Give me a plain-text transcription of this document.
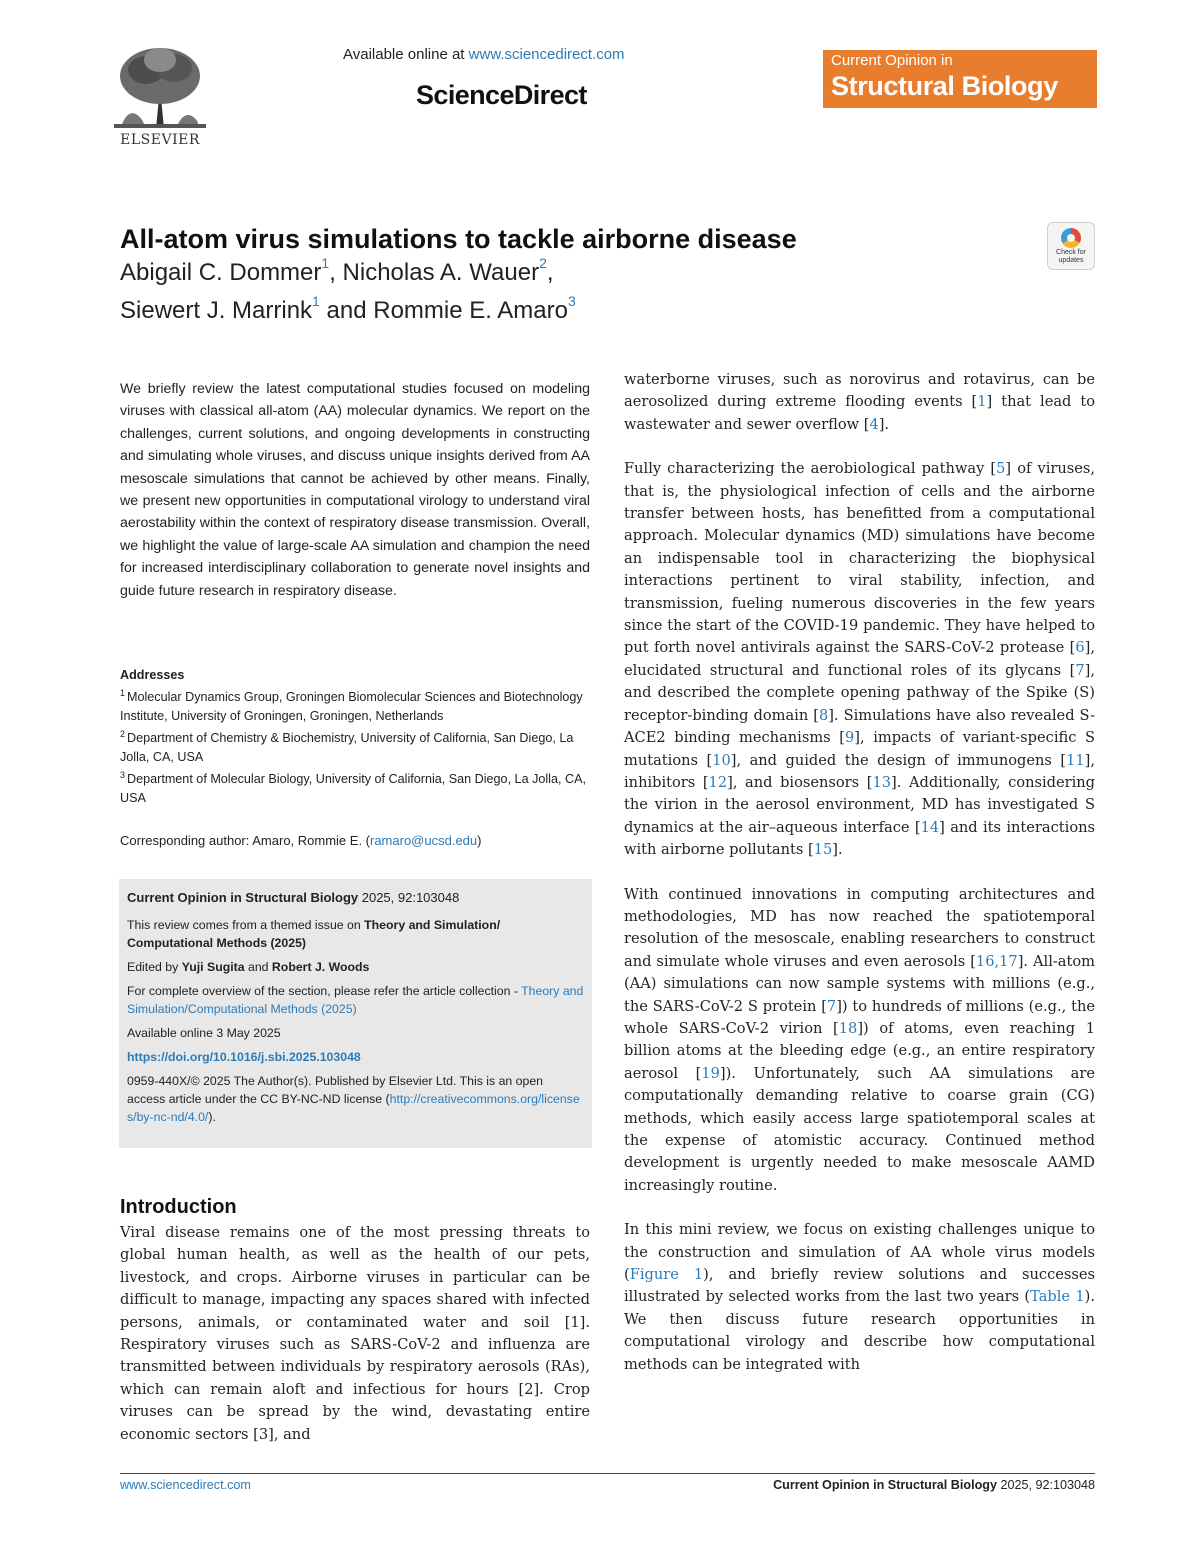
ELSEVIER
Available online at www.sciencedirect.com
ScienceDirect
Current Opinion in
Structural Biology
All-atom virus simulations to tackle airborne disease
Abigail C. Dommer$^1$, Nicholas A. Wauer$^2$,
Siewert J. Marrink$^1$ and Rommie E. Amaro$^3$
Check for updates
We briefly review the latest computational studies focused on modeling viruses with classical all-atom (AA) molecular dynamics. We report on the challenges, current solutions, and ongoing developments in constructing and simulating whole viruses, and discuss unique insights derived from AA mesoscale simulations that cannot be achieved by other means. Finally, we present new opportunities in computational virology to understand viral aerostability within the context of respiratory disease transmission. Overall, we highlight the value of large-scale AA simulation and champion the need for increased interdisciplinary collaboration to generate novel insights and guide future research in respiratory disease.
Addresses

$^1$ Molecular Dynamics Group, Groningen Biomolecular Sciences and Biotechnology Institute, University of Groningen, Groningen, Netherlands

$^2$ Department of Chemistry & Biochemistry, University of California, San Diego, La Jolla, CA, USA

$^3$ Department of Molecular Biology, University of California, San Diego, La Jolla, CA, USA

Corresponding author: Amaro, Rommie E. (ramaro@ucsd.edu)

Current Opinion in Structural Biology 2025, 92:103048

This review comes from a themed issue on Theory and Simulation/ Computational Methods (2025)

Edited by Yuji Sugita and Robert J. Woods

For complete overview of the section, please refer the article collection - Theory and Simulation/Computational Methods (2025)

Available online 3 May 2025

https://doi.org/10.1016/j.sbi.2025.103048

0959-440X/© 2025 The Author(s). Published by Elsevier Ltd. This is an open access article under the CC BY-NC-ND license (http://creativecommons.org/licenses/by-nc-nd/4.0/).

Introduction
Viral disease remains one of the most pressing threats to global human health, as well as the health of our pets, livestock, and crops. Airborne viruses in particular can be difficult to manage, impacting any spaces shared with infected persons, animals, or contaminated water and soil [1]. Respiratory viruses such as SARS-CoV-2 and influenza are transmitted between individuals by respiratory aerosols (RAs), which can remain aloft and infectious for hours [2]. Crop viruses can be spread by the wind, devastating entire economic sectors [3], and

waterborne viruses, such as norovirus and rotavirus, can be aerosolized during extreme flooding events [1] that lead to wastewater and sewer overflow [4].

Fully characterizing the aerobiological pathway [5] of viruses, that is, the physiological infection of cells and the airborne transfer between hosts, has benefitted from a computational approach. Molecular dynamics (MD) simulations have become an indispensable tool in characterizing the biophysical interactions pertinent to viral stability, infection, and transmission, fueling numerous discoveries in the few years since the start of the COVID-19 pandemic. They have helped to put forth novel antivirals against the SARS-CoV-2 protease [6], elucidated structural and functional roles of its glycans [7], and described the complete opening pathway of the Spike (S) receptor-binding domain [8]. Simulations have also revealed S-ACE2 binding mechanisms [9], impacts of variant-specific S mutations [10], and guided the design of immunogens [11], inhibitors [12], and biosensors [13]. Additionally, considering the virion in the aerosol environment, MD has investigated S dynamics at the air–aqueous interface [14] and its interactions with airborne pollutants [15].

With continued innovations in computing architectures and methodologies, MD has now reached the spatiotemporal resolution of the mesoscale, enabling researchers to construct and simulate whole viruses and even aerosols [16,17]. All-atom (AA) simulations can now sample systems with millions (e.g., the SARS-CoV-2 S protein [7]) to hundreds of millions (e.g., the whole SARS-CoV-2 virion [18]) of atoms, even reaching 1 billion atoms at the bleeding edge (e.g., an entire respiratory aerosol [19]). Unfortunately, such AA simulations are computationally demanding relative to coarse grain (CG) methods, which easily access large spatiotemporal scales at the expense of atomistic accuracy. Continued method development is urgently needed to make mesoscale AAMD increasingly routine.

In this mini review, we focus on existing challenges unique to the construction and simulation of AA whole virus models (Figure 1), and briefly review solutions and successes illustrated by selected works from the last two years (Table 1). We then discuss future research opportunities in computational virology and describe how computational methods can be integrated with

www.sciencedirect.com	Current Opinion in Structural Biology 2025, 92:103048
